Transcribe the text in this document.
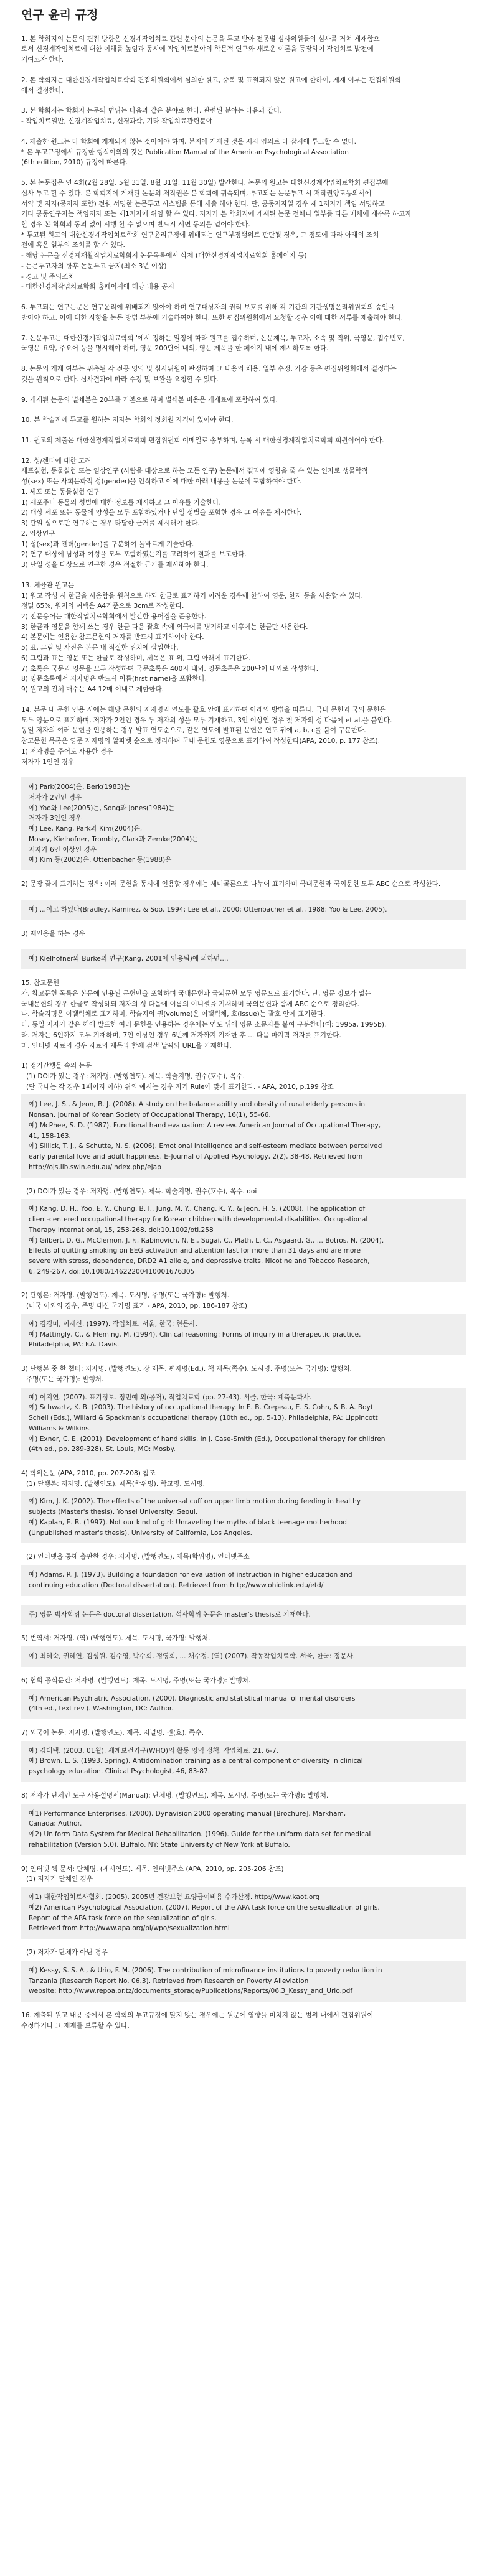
연구 윤리 규정
1. 본 학회지의 논문의 편집 방향은 신경계작업치료 관련 분야의 논문을 투고 받아 전공별 심사위원들의 심사를 거쳐 게재함으
로서 신경계작업치료에 대한 이해를 높임과 동시에 작업치료분야의 학문적 연구와 새로운 이론을 등장하여 작업치료 발전에
기여코자 한다.
2. 본 학회지는 대한신경계작업치료학회 편집위원회에서 심의한 원고, 중복 및 표절되지 않은 원고에 한하여, 게재 여부는 편집위원회
에서 결정한다.
3. 본 학회지는 학회지 논문의 범위는 다음과 같은 분야로 한다. 관련된 분야는 다음과 같다.
- 작업치료일반, 신경계작업치료, 신경과학, 기타 작업치료관련분야
4. 제출한 원고는 타 학회에 게재되지 않는 것이어야 하며, 본지에 게재된 것을 저자 임의로 타 잡지에 투고할 수 없다.
* 본 투고규정에서 규정한 형식이외의 것은 Publication Manual of the American Psychological Association
(6th edition, 2010) 규정에 따른다.
5. 본 논문집은 연 4회(2월 28일, 5월 31일, 8월 31일, 11월 30일) 발간한다. 논문의 원고는 대한신경계작업치료학회 편집부에
심사 투고 할 수 있다. 본 학회지에 게재된 논문의 저작권은 본 학회에 귀속되며, 투고되는 논문투고 시 저작권양도동의서에
서약 및 저자(공저자 포함) 전원 서명한 논문투고 시스템을 통해 제출 해야 한다. 단, 공동저자일 경우 제 1저자가 책임 서명하고
기타 공동연구자는 책임저자 또는 제1저자에 위임 할 수 있다. 저자가 본 학회지에 게재된 논문 전체나 일부를 다른 매체에 재수록 하고자
할 경우 본 학회의 동의 없이 시행 할 수 없으며 반드시 서면 동의를 얻어야 한다.
* 투고된 원고의 대한신경계작업치료학회 연구윤리규정에 위배되는 연구부정행위로 판단될 경우, 그 정도에 따라 아래의 조치
전에 혹은 일부의 조치를 할 수 있다.
- 해당 논문을 신경계재활작업치료학회지 논문목록에서 삭제 (대한신경계작업치료학회 홈페이지 등)
- 논문투고자의 향후 논문투고 금지(최소 3년 이상)
- 경고 및 주의조치
- 대한신경계작업치료학회 홈페이지에 해당 내용 공지
6. 투고되는 연구논문은 연구윤리에 위배되지 않아야 하며 연구대상자의 권리 보호를 위해 각 기관의 기관생명윤리위원회의 승인을
받아야 하고, 이에 대한 사항을 논문 방법 부분에 기술하여야 한다. 또한 편집위원회에서 요청할 경우 이에 대한 서류를 제출해야 한다.
7. 논문투고는 대한신경계작업치료학회 '에서 정하는 일정에 따라 원고를 접수하며, 논문제목, 투고자, 소속 및 직위, 국영문, 접수번호,
국영문 요약, 주요어 등을 명시해야 하며, 영문 200단어 내외, 영문 제목을 한 페이지 내에 제시하도록 한다.
8. 논문의 게재 여부는 위촉된 각 전공 영역 및 심사위원이 판정하며 그 내용의 채용, 일부 수정, 가감 등은 편집위원회에서 결정하는
것을 원칙으로 한다. 심사결과에 따라 수정 및 보완을 요청할 수 있다.
9. 게재된 논문의 별쇄본은 20부를 기본으로 하며 별쇄본 비용은 게재료에 포함하여 있다.
10. 본 학술지에 투고를 원하는 저자는 학회의 정회원 자격이 있어야 한다.
11. 원고의 제출은 대한신경계작업치료학회 편집위원회 이메일로 송부하며, 등록 시 대한신경계작업치료학회 회원이어야 한다.
12. 성/젠더에 대한 고려
세포실험, 동물실험 또는 임상연구 (사람을 대상으로 하는 모든 연구) 논문에서 결과에 영향을 줄 수 있는 인자로 생물학적
성(sex) 또는 사회문화적 성(gender)을 인식하고 이에 대한 아래 내용을 논문에 포함하여야 한다.
1. 세포 또는 동물실험 연구
1) 세포주나 동물의 성별에 대한 정보를 제시하고 그 이유를 기술한다.
2) 대상 세포 또는 동물에 양성을 모두 포함하였거나 단일 성별을 포함한 경우 그 이유를 제시한다.
3) 단일 성으로만 연구하는 경우 타당한 근거를 제시해야 한다.
2. 임상연구
1) 성(sex)과 젠더(gender)를 구분하여 올바르게 기술한다.
2) 연구 대상에 남성과 여성을 모두 포함하였는지를 고려하여 결과를 보고한다.
3) 단일 성을 대상으로 연구한 경우 적절한 근거를 제시해야 한다.
13. 체율관 원고는
1) 원고 작성 시 한글을 사용함을 원칙으로 하되 한글로 표기하기 어려운 경우에 한하여 영문, 한자 등을 사용할 수 있다.
정밀 65%, 원지의 여백은 A4기준으로 3cm로 작성한다.
2) 전문용어는 대한작업치료학회에서 발간한 용어집을 준용한다.
3) 한글과 영문을 함께 쓰는 경우 한글 다음 괄호 속에 외국어를 병기하고 이후에는 한글만 사용한다.
4) 본문에는 인용한 참고문헌의 저자를 반드시 표기하여야 한다.
5) 표, 그림 및 사진은 본문 내 적절한 위치에 삽입한다.
6) 그림과 표는 영문 또는 한글로 작성하며, 제목은 표 위, 그림 아래에 표기한다.
7) 초록은 국문과 영문을 모두 작성하며 국문초록은 400자 내외, 영문초록은 200단어 내외로 작성한다.
8) 영문초록에서 저자명은 반드시 이름(first name)을 포함한다.
9) 원고의 전체 매수는 A4 12매 이내로 제한한다.
14. 본문 내 문헌 인용 시에는 해당 문헌의 저자명과 연도를 괄호 안에 표기하며 아래의 방법을 따른다. 국내 문헌과 국외 문헌은
모두 영문으로 표기하며, 저자가 2인인 경우 두 저자의 성을 모두 기재하고, 3인 이상인 경우 첫 저자의 성 다음에 et al.을 붙인다.
동일 저자의 여러 문헌을 인용하는 경우 발표 연도순으로, 같은 연도에 발표된 문헌은 연도 뒤에 a, b, c를 붙여 구분한다.
참고문헌 목록은 영문 저자명의 알파벳 순으로 정리하며 국내 문헌도 영문으로 표기하여 작성한다(APA, 2010, p. 177 참조).
1) 저자명을 주어로 사용한 경우
저자가 1인인 경우
예) Park(2004)은, Berk(1983)는
저자가 2인인 경우
예) Yoo와 Lee(2005)는, Song과 Jones(1984)는
저자가 3인인 경우
예) Lee, Kang, Park과 Kim(2004)은,
Mosey, Kielhofner, Trombly, Clark과 Zemke(2004)는
저자가 6인 이상인 경우
예) Kim 등(2002)은, Ottenbacher 등(1988)은
2) 문장 끝에 표기하는 경우: 여러 문헌을 동시에 인용할 경우에는 세미콜론으로 나누어 표기하며 국내문헌과 국외문헌 모두 ABC 순으로 작성한다.
예) ...이고 하였다(Bradley, Ramirez, & Soo, 1994; Lee et al., 2000; Ottenbacher et al., 1988; Yoo & Lee, 2005).
3) 재인용을 하는 경우
예) Kielhofner와 Burke의 연구(Kang, 2001에 인용됨)에 의하면....
15. 참고문헌
가. 참고문헌 목록은 본문에 인용된 문헌만을 포함하며 국내문헌과 국외문헌 모두 영문으로 표기한다. 단, 영문 정보가 없는
국내문헌의 경우 한글로 작성하되 저자의 성 다음에 이름의 이니셜을 기재하며 국외문헌과 함께 ABC 순으로 정리한다.
나. 학술지명은 이탤릭체로 표기하며, 학술지의 권(volume)은 이탤릭체, 호(issue)는 괄호 안에 표기한다.
다. 동일 저자가 같은 해에 발표한 여러 문헌을 인용하는 경우에는 연도 뒤에 영문 소문자를 붙여 구분한다(예: 1995a, 1995b).
라. 저자는 6인까지 모두 기재하며, 7인 이상인 경우 6번째 저자까지 기재한 후 ... 다음 마지막 저자를 표기한다.
마. 인터넷 자료의 경우 자료의 제목과 함께 검색 날짜와 URL을 기재한다.
1) 정기간행물 속의 논문
(1) DOI가 있는 경우: 저자명. (발행연도). 제목. 학술지명, 권수(호수), 쪽수.
(단 국내는 각 경우 1페이지 이하) 위의 예시는 경우 자기 Rule에 맞게 표기한다. - APA, 2010, p.199 참조
예) Lee, J. S., & Jeon, B. J. (2008). A study on the balance ability and obesity of rural elderly persons in
Nonsan. Journal of Korean Society of Occupational Therapy, 16(1), 55-66.
예) McPhee, S. D. (1987). Functional hand evaluation: A review. American Journal of Occupational Therapy,
41, 158-163.
예) Sillick, T. J., & Schutte, N. S. (2006). Emotional intelligence and self-esteem mediate between perceived
early parental love and adult happiness. E-Journal of Applied Psychology, 2(2), 38-48. Retrieved from
http://ojs.lib.swin.edu.au/index.php/ejap
(2) DOI가 있는 경우: 저자명. (발행연도). 제목. 학술지명, 권수(호수), 쪽수. doi
예) Kang, D. H., Yoo, E. Y., Chung, B. I., Jung, M. Y., Chang, K. Y., & Jeon, H. S. (2008). The application of
client-centered occupational therapy for Korean children with developmental disabilities. Occupational
Therapy International, 15, 253-268. doi:10.1002/oti.258
예) Gilbert, D. G., McClernon, J. F., Rabinovich, N. E., Sugai, C., Plath, L. C., Asgaard, G., ... Botros, N. (2004).
Effects of quitting smoking on EEG activation and attention last for more than 31 days and are more
severe with stress, dependence, DRD2 A1 allele, and depressive traits. Nicotine and Tobacco Research,
6, 249-267. doi:10.1080/14622200410001676305
2) 단행본: 저자명. (발행연도). 제목. 도시명, 주명(또는 국가명): 발행처.
(미국 이외의 경우, 주명 대신 국가명 표기 - APA, 2010, pp. 186-187 참조)
예) 김경미, 이재신. (1997). 작업치료. 서울, 한국: 현문사.
예) Mattingly, C., & Fleming, M. (1994). Clinical reasoning: Forms of inquiry in a therapeutic practice.
Philadelphia, PA: F.A. Davis.
3) 단행본 중 한 챕터: 저자명. (발행연도). 장 제목. 편자명(Ed.), 책 제목(쪽수). 도시명, 주명(또는 국가명): 발행처.
주명(또는 국가명): 발행처.
예) 이지연. (2007). 표기정보. 정민예 외(공저), 작업치료학 (pp. 27-43). 서울, 한국: 계축문화사.
예) Schwartz, K. B. (2003). The history of occupational therapy. In E. B. Crepeau, E. S. Cohn, & B. A. Boyt
Schell (Eds.), Willard & Spackman's occupational therapy (10th ed., pp. 5-13). Philadelphia, PA: Lippincott
Williams & Wilkins.
예) Exner, C. E. (2001). Development of hand skills. In J. Case-Smith (Ed.), Occupational therapy for children
(4th ed., pp. 289-328). St. Louis, MO: Mosby.
4) 학위논문 (APA, 2010, pp. 207-208) 참조
(1) 단행본: 저자명. (발행연도). 제목(학위명). 학교명, 도시명.
예) Kim, J. K. (2002). The effects of the universal cuff on upper limb motion during feeding in healthy
subjects (Master's thesis). Yonsei University, Seoul.
예) Kaplan, E. B. (1997). Not our kind of girl: Unraveling the myths of black teenage motherhood
(Unpublished master's thesis). University of California, Los Angeles.
(2) 인터넷을 통해 출판한 경우: 저자명. (발행연도). 제목(학위명). 인터넷주소
예) Adams, R. J. (1973). Building a foundation for evaluation of instruction in higher education and
continuing education (Doctoral dissertation). Retrieved from http://www.ohiolink.edu/etd/
주) 영문 박사학위 논문은 doctoral dissertation, 석사학위 논문은 master's thesis로 기재한다.
5) 번역서: 저자명. (역) (발행연도). 제목. 도시명, 국가명: 발행처.
예) 최혜숙, 권혜연, 김성원, 김수영, 박수희, 정영희, ... 채수정. (역) (2007). 작동작업치료학. 서울, 한국: 정문사.
6) 협회 공식문건: 저자명. (발행연도). 제목. 도시명, 주명(또는 국가명): 발행처.
예) American Psychiatric Association. (2000). Diagnostic and statistical manual of mental disorders
(4th ed., text rev.). Washington, DC: Author.
7) 외국어 논문: 저자명. (발행연도). 제목. 저널명. 권(호), 쪽수.
예) 김대택. (2003, 01월). 세계보건기구(WHO)의 활동 영역 정책. 작업치료, 21, 6-7.
예) Brown, L. S. (1993, Spring). Antidomination training as a central component of diversity in clinical
psychology education. Clinical Psychologist, 46, 83-87.
8) 저자가 단체인 도구 사용설명서(Manual): 단체명. (발행연도). 제목. 도시명, 주명(또는 국가명): 발행처.
예1) Performance Enterprises. (2000). Dynavision 2000 operating manual [Brochure]. Markham,
Canada: Author.
예2) Uniform Data System for Medical Rehabilitation. (1996). Guide for the uniform data set for medical
rehabilitation (Version 5.0). Buffalo, NY: State University of New York at Buffalo.
9) 인터넷 웹 문서: 단체명. (게시연도). 제목. 인터넷주소 (APA, 2010, pp. 205-206 참조)
(1) 저자가 단체인 경우
예1) 대한작업치료사협회. (2005). 2005년 건강보험 요양급여비용 수가산정. http://www.kaot.org
예2) American Psychological Association. (2007). Report of the APA task force on the sexualization of girls.
Report of the APA task force on the sexualization of girls.
Retrieved from http://www.apa.org/pi/wpo/sexualization.html
(2) 저자가 단체가 아닌 경우
예) Kessy, S. S. A., & Urio, F. M. (2006). The contribution of microfinance institutions to poverty reduction in
Tanzania (Research Report No. 06.3). Retrieved from Research on Poverty Alleviation
website: http://www.repoa.or.tz/documents_storage/Publications/Reports/06.3_Kessy_and_Urio.pdf
16. 제출된 원고 내용 중에서 본 학회의 투고규정에 맞지 않는 경우에는 원문에 영향을 미치지 않는 범위 내에서 편집위원이
수정하거나 그 제재를 보류할 수 있다.
